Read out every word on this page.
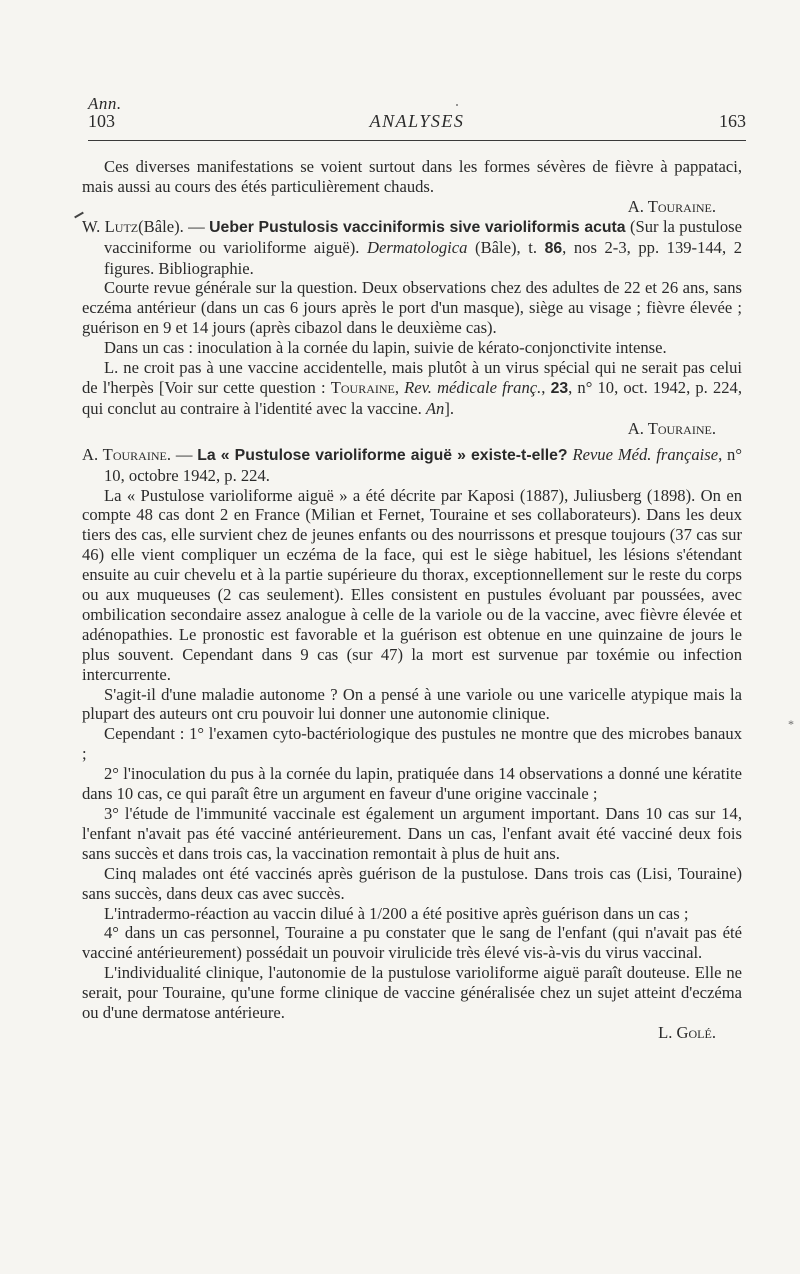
Ann.
103	ANALYSES	163
*

Ces diverses manifestations se voient surtout dans les formes sévères de fièvre à pappataci, mais aussi au cours des étés particulièrement chauds.

A. Touraine.

W. Lutz(Bâle). — Ueber Pustulosis vacciniformis sive varioliformis acuta (Sur la pustulose vacciniforme ou varioliforme aiguë). Dermatologica (Bâle), t. 86, nos 2-3, pp. 139-144, 2 figures. Bibliographie.

Courte revue générale sur la question. Deux observations chez des adultes de 22 et 26 ans, sans eczéma antérieur (dans un cas 6 jours après le port d'un masque), siège au visage ; fièvre élevée ; guérison en 9 et 14 jours (après cibazol dans le deuxième cas).

Dans un cas : inoculation à la cornée du lapin, suivie de kérato-conjonctivite intense.

L. ne croit pas à une vaccine accidentelle, mais plutôt à un virus spécial qui ne serait pas celui de l'herpès [Voir sur cette question : Touraine, Rev. médicale franç., 23, n° 10, oct. 1942, p. 224, qui conclut au contraire à l'identité avec la vaccine. An].

A. Touraine.

A. Touraine. — La « Pustulose varioliforme aiguë » existe-t-elle? Revue Méd. française, n° 10, octobre 1942, p. 224.

La « Pustulose varioliforme aiguë » a été décrite par Kaposi (1887), Juliusberg (1898). On en compte 48 cas dont 2 en France (Milian et Fernet, Touraine et ses collaborateurs). Dans les deux tiers des cas, elle survient chez de jeunes enfants ou des nourrissons et presque toujours (37 cas sur 46) elle vient compliquer un eczéma de la face, qui est le siège habituel, les lésions s'étendant ensuite au cuir chevelu et à la partie supérieure du thorax, exceptionnellement sur le reste du corps ou aux muqueuses (2 cas seulement). Elles consistent en pustules évoluant par poussées, avec ombilication secondaire assez analogue à celle de la variole ou de la vaccine, avec fièvre élevée et adénopathies. Le pronostic est favorable et la guérison est obtenue en une quinzaine de jours le plus souvent. Cependant dans 9 cas (sur 47) la mort est survenue par toxémie ou infection intercurrente.

S'agit-il d'une maladie autonome ? On a pensé à une variole ou une varicelle atypique mais la plupart des auteurs ont cru pouvoir lui donner une autonomie clinique.

Cependant : 1° l'examen cyto-bactériologique des pustules ne montre que des microbes banaux ;

2° l'inoculation du pus à la cornée du lapin, pratiquée dans 14 observations a donné une kératite dans 10 cas, ce qui paraît être un argument en faveur d'une origine vaccinale ;

3° l'étude de l'immunité vaccinale est également un argument important. Dans 10 cas sur 14, l'enfant n'avait pas été vacciné antérieurement. Dans un cas, l'enfant avait été vacciné deux fois sans succès et dans trois cas, la vaccination remontait à plus de huit ans.

Cinq malades ont été vaccinés après guérison de la pustulose. Dans trois cas (Lisi, Touraine) sans succès, dans deux cas avec succès.

L'intradermo-réaction au vaccin dilué à 1/200 a été positive après guérison dans un cas ;

4° dans un cas personnel, Touraine a pu constater que le sang de l'enfant (qui n'avait pas été vacciné antérieurement) possédait un pouvoir virulicide très élevé vis-à-vis du virus vaccinal.

L'individualité clinique, l'autonomie de la pustulose varioliforme aiguë paraît douteuse. Elle ne serait, pour Touraine, qu'une forme clinique de vaccine généralisée chez un sujet atteint d'eczéma ou d'une dermatose antérieure.

L. Golé.
